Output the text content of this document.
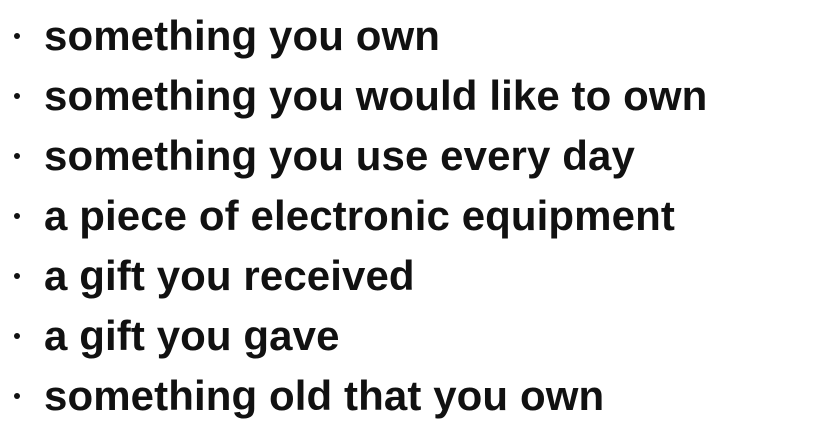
something you own
something you would like to own
something you use every day
a piece of electronic equipment
a gift you received
a gift you gave
something old that you own
